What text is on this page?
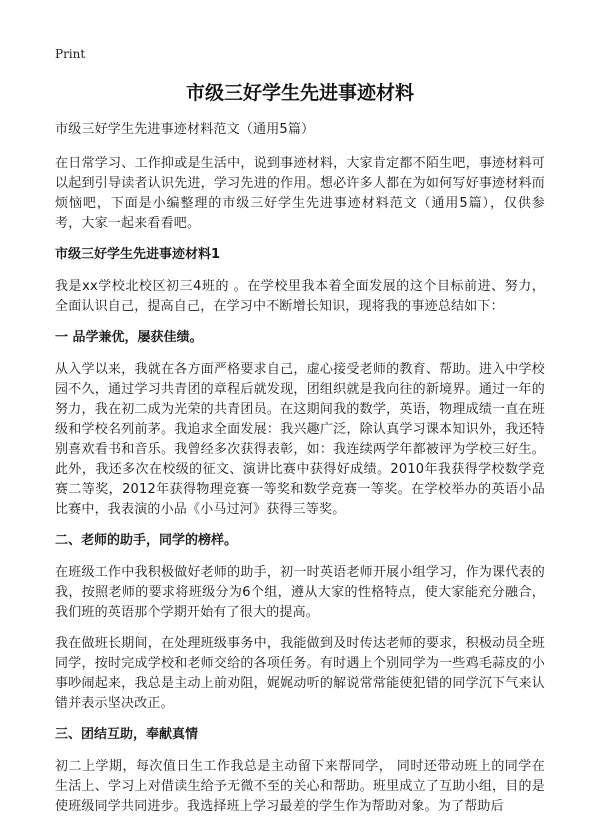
Print
市级三好学生先进事迹材料

市级三好学生先进事迹材料范文（通用5篇）

在日常学习、工作抑或是生活中，说到事迹材料，大家肯定都不陌生吧，事迹材料可以起到引导读者认识先进，学习先进的作用。想必许多人都在为如何写好事迹材料而烦恼吧，下面是小编整理的市级三好学生先进事迹材料范文（通用5篇），仅供参考，大家一起来看看吧。

市级三好学生先进事迹材料1

我是xx学校北校区初三4班的 。在学校里我本着全面发展的这个目标前进、努力，全面认识自己，提高自己，在学习中不断增长知识，现将我的事迹总结如下：

一 品学兼优，屡获佳绩。

从入学以来，我就在各方面严格要求自己，虚心接受老师的教育、帮助。进入中学校园不久，通过学习共青团的章程后就发现，团组织就是我向往的新境界。通过一年的努力，我在初二成为光荣的共青团员。在这期间我的数学，英语，物理成绩一直在班级和学校名列前茅。我追求全面发展：我兴趣广泛，除认真学习课本知识外，我还特别喜欢看书和音乐。我曾经多次获得表彰，如：我连续两学年都被评为学校三好生。此外，我还多次在校级的征文、演讲比赛中获得好成绩。2010年我获得学校数学竞赛二等奖，2012年获得物理竞赛一等奖和数学竞赛一等奖。在学校举办的英语小品比赛中，我表演的小品《小马过河》获得三等奖。

二、老师的助手，同学的榜样。

在班级工作中我积极做好老师的助手，初一时英语老师开展小组学习，作为课代表的我，按照老师的要求将班级分为6个组，遵从大家的性格特点，使大家能充分融合，我们班的英语那个学期开始有了很大的提高。

我在做班长期间，在处理班级事务中，我能做到及时传达老师的要求，积极动员全班同学，按时完成学校和老师交给的各项任务。有时遇上个别同学为一些鸡毛蒜皮的小事吵闹起来，我总是主动上前劝阻，娓娓动听的解说常常能使犯错的同学沉下气来认错并表示坚决改正。

三、团结互助，奉献真情

初二上学期，每次值日生工作我总是主动留下来帮同学， 同时还带动班上的同学在生活上、学习上对借读生给予无微不至的关心和帮助。班里成立了互助小组，目的是使班级同学共同进步。我选择班上学习最差的学生作为帮助对象。为了帮助后
